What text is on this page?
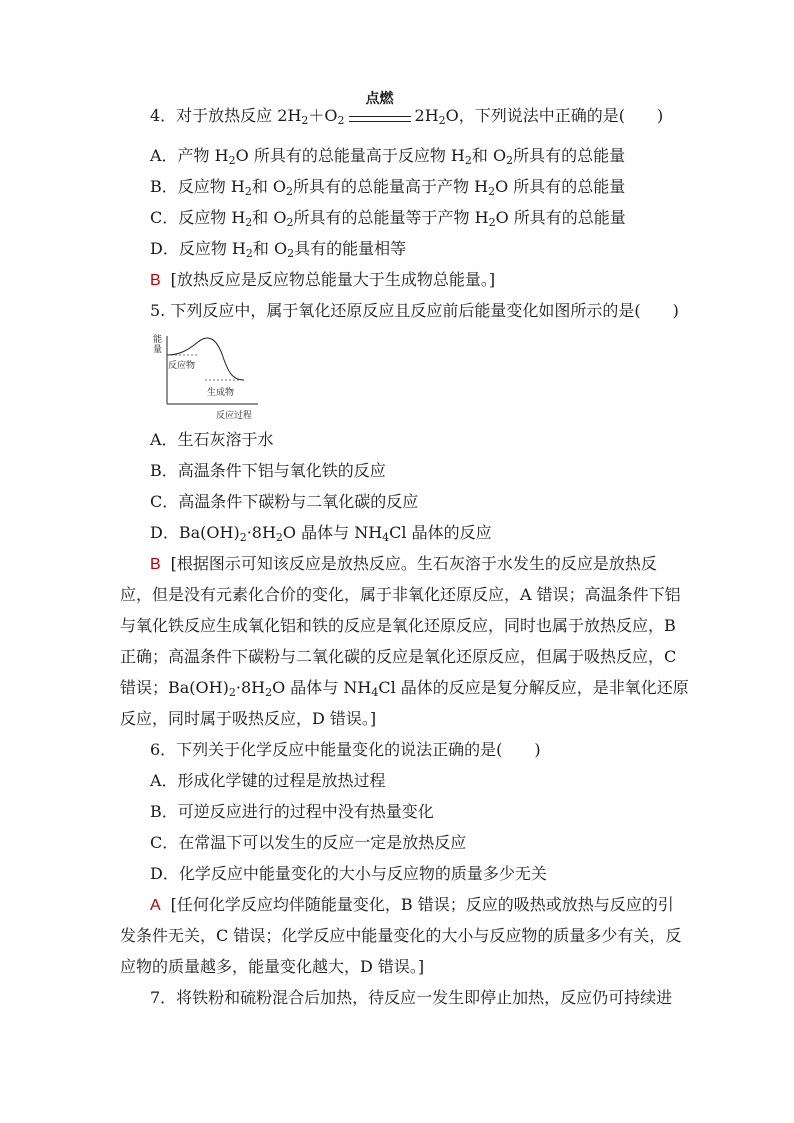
4．对于放热反应 $2H_2+O_2$
点燃
$2H_2O$，下列说法中正确的是(　　)
A．产物 $H_2O$ 所具有的总能量高于反应物 $H_2$和 $O_2$所具有的总能量
B．反应物 $H_2$和 $O_2$所具有的总能量高于产物 $H_2O$ 所具有的总能量
C．反应物 $H_2$和 $O_2$所具有的总能量等于产物 $H_2O$ 所具有的总能量
D．反应物 $H_2$和 $O_2$具有的能量相等
B [放热反应是反应物总能量大于生成物总能量。]
5. 下列反应中，属于氧化还原反应且反应前后能量变化如图所示的是(　　)
能
量
反应物
生成物
反应过程
A．生石灰溶于水
B．高温条件下铝与氧化铁的反应
C．高温条件下碳粉与二氧化碳的反应
D．$Ba(OH)_2\cdot 8H_2O$ 晶体与 $NH_4Cl$ 晶体的反应
B [根据图示可知该反应是放热反应。生石灰溶于水发生的反应是放热反
应，但是没有元素化合价的变化，属于非氧化还原反应，A 错误；高温条件下铝
与氧化铁反应生成氧化铝和铁的反应是氧化还原反应，同时也属于放热反应，B
正确；高温条件下碳粉与二氧化碳的反应是氧化还原反应，但属于吸热反应，C
错误；$Ba(OH)_2\cdot 8H_2O$ 晶体与 $NH_4Cl$ 晶体的反应是复分解反应，是非氧化还原
反应，同时属于吸热反应，D 错误。]
6．下列关于化学反应中能量变化的说法正确的是(　　)
A．形成化学键的过程是放热过程
B．可逆反应进行的过程中没有热量变化
C．在常温下可以发生的反应一定是放热反应
D．化学反应中能量变化的大小与反应物的质量多少无关
A [任何化学反应均伴随能量变化，B 错误；反应的吸热或放热与反应的引
发条件无关，C 错误；化学反应中能量变化的大小与反应物的质量多少有关，反
应物的质量越多，能量变化越大，D 错误。]
7．将铁粉和硫粉混合后加热，待反应一发生即停止加热，反应仍可持续进
